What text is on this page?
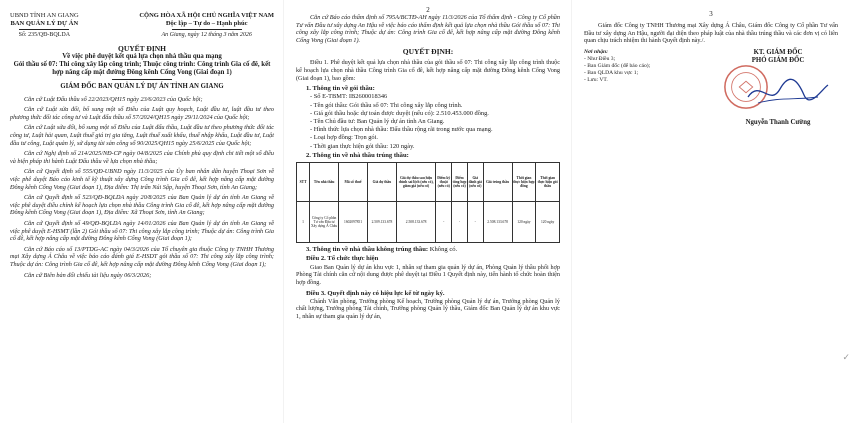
UBND TỈNH AN GIANG
BAN QUẢN LÝ DỰ ÁN
Số: 235/QĐ-BQLDA
CỘNG HÒA XÃ HỘI CHỦ NGHĨA VIỆT NAM
Độc lập – Tự do – Hạnh phúc
An Giang, ngày 12 tháng 3 năm 2026
QUYẾT ĐỊNH
Về việc phê duyệt kết quả lựa chọn nhà thầu qua mạng
Gói thầu số 07: Thi công xây lắp công trình; Thuộc công trình: Công trình Gia cố đê, kết hợp nâng cấp mặt đường Đông kênh Cống Vong (Giai đoạn 1)
GIÁM ĐỐC BAN QUẢN LÝ DỰ ÁN TỈNH AN GIANG

Căn cứ Luật Đấu thầu số 22/2023/QH15 ngày 23/6/2023 của Quốc hội;

Căn cứ Luật sửa đổi, bổ sung một số Điều của Luật quy hoạch, Luật đầu tư, luật đầu tư theo phương thức đối tác công tư và Luật đấu thầu số 57/2024/QH15 ngày 29/11/2024 của Quốc hội;

Căn cứ Luật sửa đổi, bổ sung một số Điều của Luật đấu thầu, Luật đầu tư theo phương thức đối tác công tư, Luật hải quan, Luật thuế giá trị gia tăng, Luật thuế xuất khẩu, thuế nhập khẩu, Luật đầu tư, Luật đầu tư công, Luật quản lý, sử dụng tài sản công số 90/2025/QH15 ngày 25/6/2025 của Quốc hội;

Căn cứ Nghị định số 214/2025/NĐ-CP ngày 04/8/2025 của Chính phủ quy định chi tiết một số điều và biện pháp thi hành Luật Đấu thầu về lựa chọn nhà thầu;

Căn cứ Quyết định số 555/QĐ-UBND ngày 11/3/2025 của Ủy ban nhân dân huyện Thoại Sơn về việc phê duyệt Báo cáo kinh tế kỹ thuật xây dựng Công trình Gia cố đê, kết hợp nâng cấp mặt đường Đông kênh Cống Vong (Giai đoạn 1), Địa điểm: Thị trấn Núi Sập, huyện Thoại Sơn, tỉnh An Giang;

Căn cứ Quyết định số 523/QĐ-BQLDA ngày 20/8/2025 của Ban Quản lý dự án tỉnh An Giang về việc phê duyệt điều chỉnh kế hoạch lựa chọn nhà thầu Công trình Gia cố đê, kết hợp nâng cấp mặt đường Đông kênh Cống Vong (Giai đoạn 1), Địa điểm: Xã Thoại Sơn, tỉnh An Giang;

Căn cứ Quyết định số 49/QĐ-BQLDA ngày 14/01/2026 của Ban Quản lý dự án tỉnh An Giang về việc phê duyệt E-HSMT (lần 2) Gói thầu số 07: Thi công xây lắp công trình; Thuộc dự án: Công trình Gia cố đê, kết hợp nâng cấp mặt đường Đông kênh Cống Vong (Giai đoạn 1);

Căn cứ Báo cáo số 13/PTDG-AC ngày 04/3/2026 của Tổ chuyên gia thuộc Công ty TNHH Thương mại Xây dựng Á Châu về việc báo cáo đánh giá E-HSDT gói thầu số 07: Thi công xây lắp công trình; Thuộc dự án: Công trình Gia cố đê, kết hợp nâng cấp mặt đường Đông kênh Cống Vong (Giai đoạn 1);

Căn cứ Biên bản đối chiếu tài liệu ngày 06/3/2026;

2

Căn cứ Báo cáo thẩm định số 795A/BCTĐ-AH ngày 11/3/2026 của Tổ thẩm định - Công ty Cổ phần Tư vấn Đầu tư xây dựng An Hậu về việc báo cáo thẩm định kết quả lựa chọn nhà thầu Gói thầu số 07: Thi công xây lắp công trình; Thuộc dự án: Công trình Gia cố đê, kết hợp nâng cấp mặt đường Đông kênh Cống Vong (Giai đoạn 1).

QUYẾT ĐỊNH:

Điều 1. Phê duyệt kết quả lựa chọn nhà thầu của gói thầu số 07: Thi công xây lắp công trình thuộc kế hoạch lựa chọn nhà thầu Công trình Gia cố đê, kết hợp nâng cấp mặt đường Đông kênh Cống Vong (Giai đoạn 1), bao gồm:

1. Thông tin về gói thầu:
- Số E-TBMT: IB2600018346
- Tên gói thầu: Gói thầu số 07: Thi công xây lắp công trình.
- Giá gói thầu hoặc dự toán được duyệt (nếu có): 2.510.453.000 đồng.
- Tên Chủ đầu tư: Ban Quản lý dự án tỉnh An Giang.
- Hình thức lựa chọn nhà thầu: Đấu thầu rộng rãi trong nước qua mạng.
- Loại hợp đồng: Trọn gói.
- Thời gian thực hiện gói thầu: 120 ngày.
2. Thông tin về nhà thầu trúng thầu:
STT	Tên nhà thầu	Mã số thuế	Giá dự thầu	Giá dự thầu sau hiệu chỉnh sai lệch (nếu có), giảm giá (nếu có)	Điểm kỹ thuật (nếu có)	Điểm tổng hợp (nếu có)	Giá đánh giá (nếu có)	Giá trúng thầu	Thời gian thực hiện hợp đồng	Thời gian thực hiện gói thầu
1	Công ty Cổ phần Tư vấn Đầu tư Xây dựng Á Châu	1602097851	2.509.133.678	2.508.133.678	-	-	-	2.508.133.678	120 ngày	120 ngày
3. Thông tin về nhà thầu không trúng thầu: Không có.
Điều 2. Tổ chức thực hiện

Giao Ban Quản lý dự án khu vực 1, nhân sự tham gia quản lý dự án, Phòng Quản lý thầu phối hợp Phòng Tài chính căn cứ nội dung được phê duyệt tại Điều 1 Quyết định này, tiến hành tổ chức hoàn thiện hợp đồng.

Điều 3. Quyết định này có hiệu lực kể từ ngày ký.

Chánh Văn phòng, Trưởng phòng Kế hoạch, Trưởng phòng Quản lý dự án, Trưởng phòng Quản lý chất lượng, Trưởng phòng Tài chính, Trưởng phòng Quản lý thầu, Giám đốc Ban Quản lý dự án khu vực 1, nhân sự tham gia quản lý dự án,

3

Giám đốc Công ty TNHH Thương mại Xây dựng Á Châu, Giám đốc Công ty Cổ phần Tư vấn Đầu tư xây dựng An Hậu, người đại diện theo pháp luật của nhà thầu trúng thầu và các đơn vị có liên quan chịu trách nhiệm thi hành Quyết định này./.

Nơi nhận:
- Như Điều 3;
- Ban Giám đốc (để báo cáo);
- Ban QLDA khu vực 1;
- Lưu: VT.
KT. GIÁM ĐỐC
PHÓ GIÁM ĐỐC
Nguyễn Thanh Cường
✓
